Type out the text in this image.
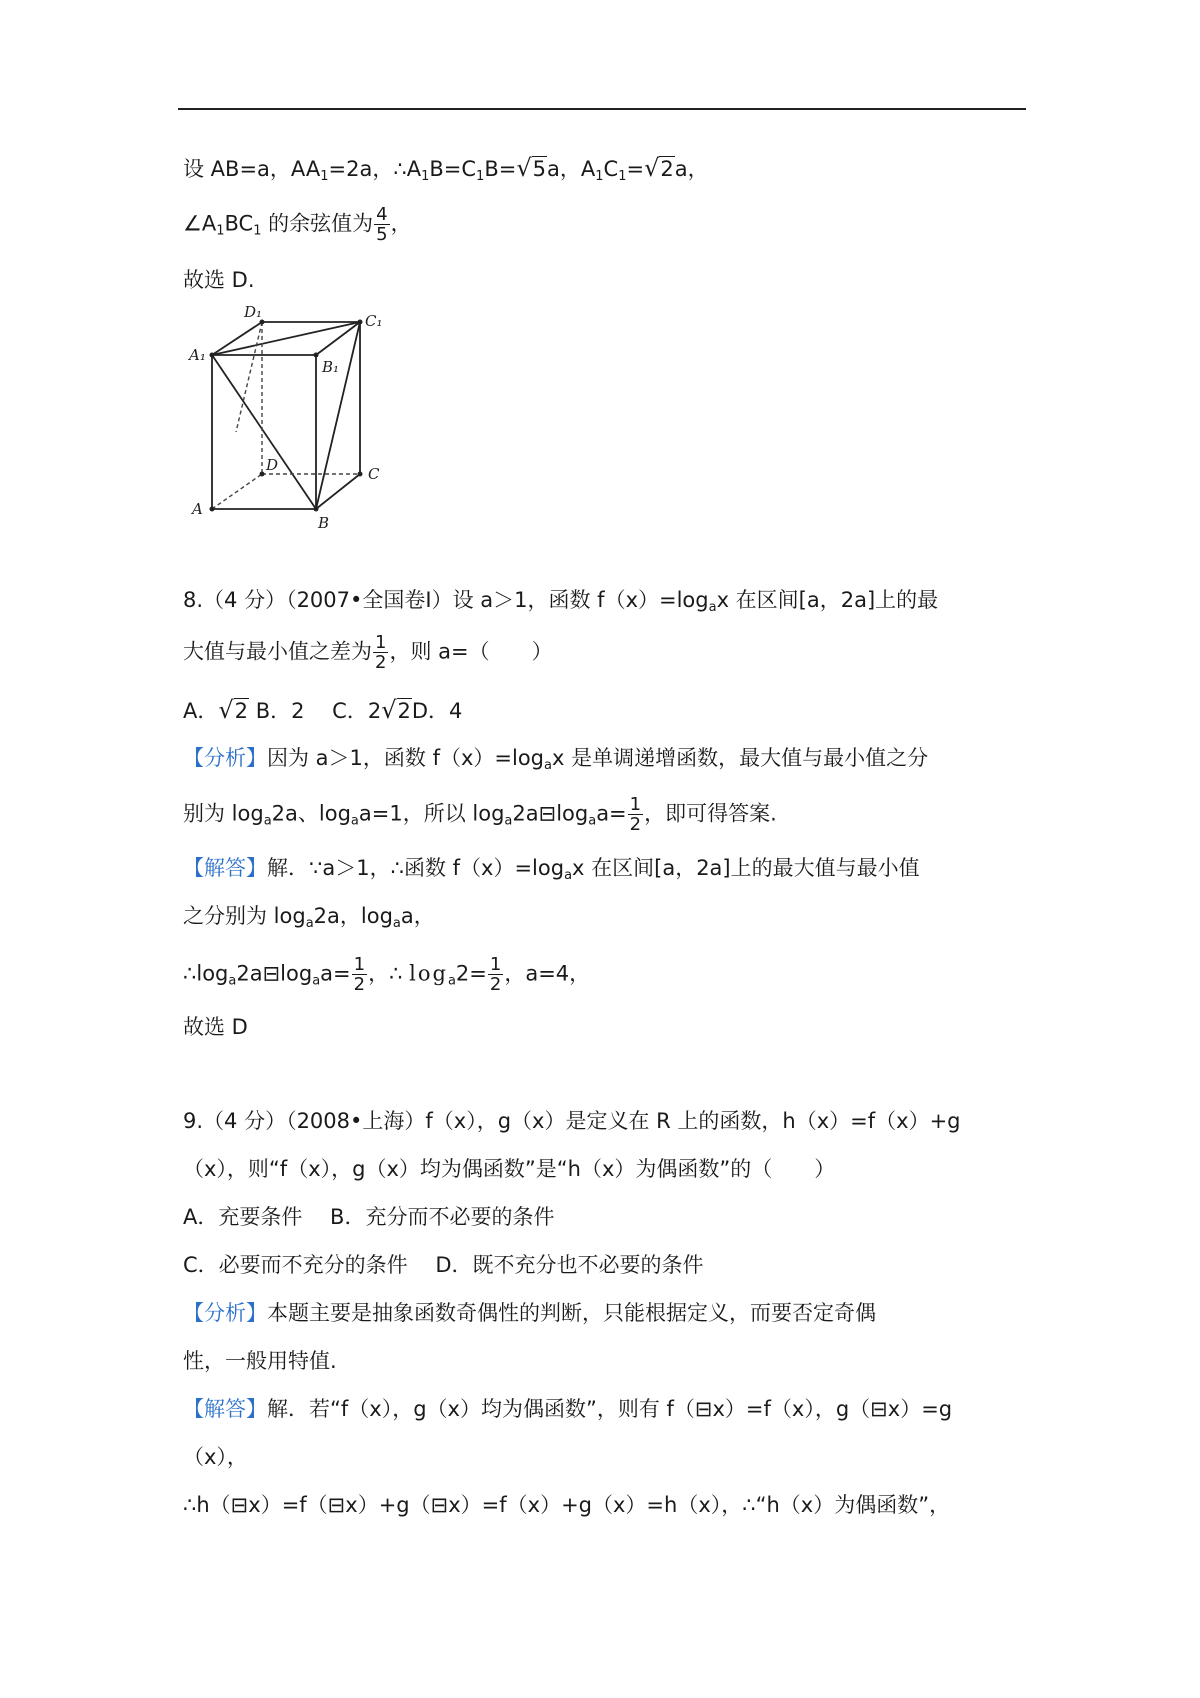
设 AB=a，$AA_1=2a$，$\therefore A_1B=C_1B=√5a$，$A_1C_1=√2a$，
$\angle A_1BC_1$ 的余弦值为 $\frac{4}{5}$ ，
故选 D.
D₁	C₁
A₁
B₁
D	C
A
B
8.（4 分）（2007•全国卷Ⅰ）设 a＞1，函数 $f(x)=\log_ax$ 在区间[a，2a]上的最
大值与最小值之差为 $\frac{1}{2}$ ，则 a=（　　）
A．√2 B．2　 C．2√2D．4
【分析】因为 a＞1，函数 $f(x)=\log_ax$ 是单调递增函数，最大值与最小值之分
别为 $\log_a2a$、$\log_aa=1$，所以 $\log_a2a⊟\log_aa= \frac{1}{2}$ ，即可得答案.
【解答】解．∵a＞1，∴函数 $f(x)=\log_ax$ 在区间[a，2a]上的最大值与最小值
之分别为 $\log_a2a$，$\log_aa$，
$\therefore\log_a2a⊟\log_aa= \frac{1}{2}$ ，∴ $\log_a2= \frac{1}{2}$ ，a=4，
故选 D
9.（4 分）（2008•上海）f（x），g（x）是定义在 R 上的函数，h（x）=f（x）+g
（x），则“f（x），g（x）均为偶函数”是“h（x）为偶函数”的（　　）
A．充要条件　 B．充分而不必要的条件
C．必要而不充分的条件　 D．既不充分也不必要的条件
【分析】本题主要是抽象函数奇偶性的判断，只能根据定义，而要否定奇偶
性，一般用特值.
【解答】解．若“f（x），g（x）均为偶函数”，则有 f（⊟x）=f（x），g（⊟x）=g
（x），
∴h（⊟x）=f（⊟x）+g（⊟x）=f（x）+g（x）=h（x），∴“h（x）为偶函数”，
